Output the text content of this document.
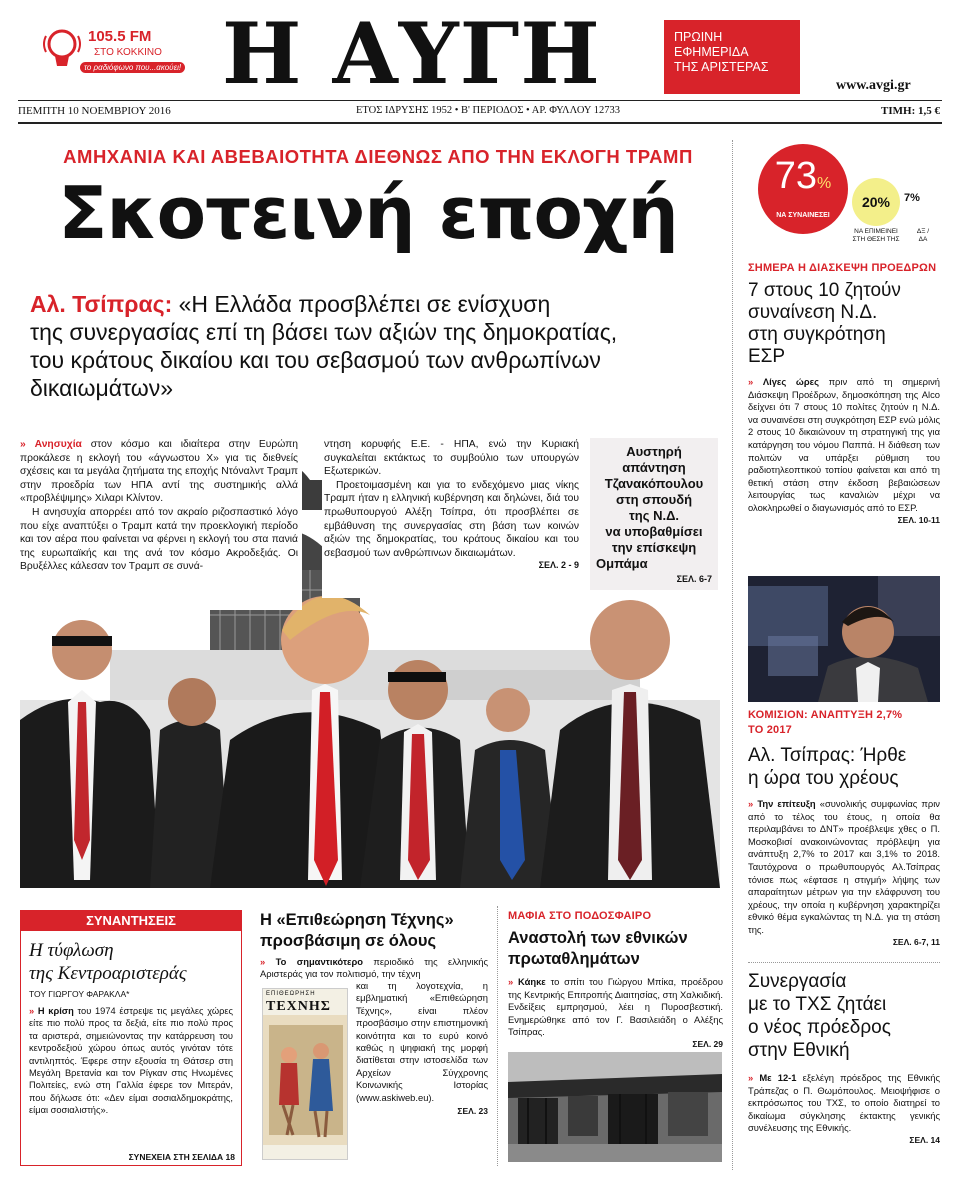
105.5 FM
ΣΤΟ ΚΟΚΚΙΝΟ
το ραδιόφωνο που...ακούει! Η ΑΥΓΗ	ΠΡΩΙΝΗ
ΕΦΗΜΕΡΙΔΑ
ΤΗΣ ΑΡΙΣΤΕΡΑΣ
www.avgi.gr
ΠΕΜΠΤΗ 10 ΝΟΕΜΒΡΙΟΥ 2016	ΕΤΟΣ ΙΔΡΥΣΗΣ 1952 • Β' ΠΕΡΙΟΔΟΣ • ΑΡ. ΦΥΛΛΟΥ 12733	ΤΙΜΗ: 1,5 €
ΑΜΗΧΑΝΙΑ ΚΑΙ ΑΒΕΒΑΙΟΤΗΤΑ ΔΙΕΘΝΩΣ ΑΠΟ ΤΗΝ ΕΚΛΟΓΗ ΤΡΑΜΠ
Σκοτεινή εποχή
Αλ. Τσίπρας: «Η Ελλάδα προσβλέπει σε ενίσχυση
της συνεργασίας επί τη βάσει των αξιών της δημοκρατίας,
του κράτους δικαίου και του σεβασμού των ανθρωπίνων
δικαιωμάτων»

» Ανησυχία στον κόσμο και ιδιαίτερα στην Ευρώπη προκάλεσε η εκλογή του «άγνωστου Χ» για τις διεθνείς σχέσεις και τα μεγάλα ζητήματα της εποχής Ντόναλντ Τραμπ στην προεδρία των ΗΠΑ αντί της συστημικής αλλά «προβλέψιμης» Χιλαρι Κλίντον.

Η ανησυχία απορρέει από τον ακραίο ριζοσπαστικό λόγο που είχε αναπτύξει ο Τραμπ κατά την προεκλογική περίοδο και τον αέρα που φαίνεται να φέρνει η εκλογή του στα πανιά της ευρωπαϊκής και της ανά τον κόσμο Ακροδεξιάς. Οι Βρυξέλλες κάλεσαν τον Τραμπ σε συνά-

ντηση κορυφής Ε.Ε. - ΗΠΑ, ενώ την Κυριακή συγκαλείται εκτάκτως το συμβούλιο των υπουργών Εξωτερικών.

Προετοιμασμένη και για το ενδεχόμενο μιας νίκης Τραμπ ήταν η ελληνική κυβέρνηση και δηλώνει, διά του πρωθυπουργού Αλέξη Τσίπρα, ότι προσβλέπει σε εμβάθυνση της συνεργασίας στη βάση των κοινών αξιών της δημοκρατίας, του κράτους δικαίου και του σεβασμού των ανθρώπινων δικαιωμάτων.

ΣΕΛ. 2 - 9
Αυστηρή
απάντηση
Τζανακόπουλου
στη σπουδή
της Ν.Δ.
να υποβαθμίσει
την επίσκεψη
Ομπάμα
ΣΕΛ. 6-7
73%
ΝΑ ΣΥΝΑΙΝΕΣΕΙ
20%	7%
ΝΑ ΕΠΙΜΕΙΝΕΙ
ΣΤΗ ΘΕΣΗ ΤΗΣ
ΔΞ /
ΔΑ
ΣΗΜΕΡΑ Η ΔΙΑΣΚΕΨΗ ΠΡΟΕΔΡΩΝ
7 στους 10 ζητούν
συναίνεση Ν.Δ.
στη συγκρότηση
ΕΣΡ

» Λίγες ώρες πριν από τη σημερινή Διάσκεψη Προέδρων, δημοσκόπηση της Alco δείχνει ότι 7 στους 10 πολίτες ζητούν η Ν.Δ. να συναινέσει στη συγκρότηση ΕΣΡ ενώ μόλις 2 στους 10 δικαιώνουν τη στρατηγική της για κατάργηση του νόμου Παππά. Η διάθεση των πολιτών να υπάρξει ρύθμιση του ραδιοτηλεοπτικού τοπίου φαίνεται και από τη θετική στάση στην έκδοση βεβαιώσεων λειτουργίας τως καναλιών μέχρι να ολοκληρωθεί ο διαγωνισμός από το ΕΣΡ.

ΣΕΛ. 10-11
ΚΟΜΙΣΙΟΝ: ΑΝΑΠΤΥΞΗ 2,7%
ΤΟ 2017
Αλ. Τσίπρας: Ήρθε
η ώρα του χρέους

» Την επίτευξη «συνολικής συμφωνίας πριν από το τέλος του έτους, η οποία θα περιλαμβάνει το ΔΝΤ» προέβλεψε χθες ο Π. Μοσκοβισί ανακοινώνοντας πρόβλεψη για ανάπτυξη 2,7% το 2017 και 3,1% το 2018. Ταυτόχρονα ο πρωθυπουργός Αλ.Τσίπρας τόνισε πως «έφτασε η στιγμή» λήψης των απαραίτητων μέτρων για την ελάφρυνση του χρέους, την οποία η κυβέρνηση χαρακτηρίζει εθνικό θέμα εγκαλώντας τη Ν.Δ. για τη στάση της.

ΣΕΛ. 6-7, 11
Συνεργασία
με το ΤΧΣ ζητάει
ο νέος πρόεδρος
στην Εθνική

» Με 12-1 εξελέγη πρόεδρος της Εθνικής Τράπεζας ο Π. Θωμόπουλος. Μειοψήφισε ο εκπρόσωπος του ΤΧΣ, το οποίο διατηρεί το δικαίωμα σύγκλησης έκτακτης γενικής συνέλευσης της Εθνικής.

ΣΕΛ. 14
ΣΥΝΑΝΤΗΣΕΙΣ
Η τύφλωση
της Κεντροαριστεράς
ΤΟΥ ΓΙΩΡΓΟΥ ΦΑΡΑΚΛΑ*

» Η κρίση του 1974 έστρεψε τις μεγάλες χώρες είτε πιο πολύ προς τα δεξιά, είτε πιο πολύ προς τα αριστερά, σημειώνοντας την κατάρρευση του κεντροδεξιού χώρου όπως αυτός γινόταν τότε αντιληπτός. Έφερε στην εξουσία τη Θάτσερ στη Μεγάλη Βρετανία και τον Ρίγκαν στις Ηνωμένες Πολιτείες, ενώ στη Γαλλία έφερε τον Μιτεράν, που δήλωσε ότι: «Δεν είμαι σοσιαλδημοκράτης, είμαι σοσιαλιστής».

ΣΥΝΕΧΕΙΑ ΣΤΗ ΣΕΛΙΔΑ 18
Η «Επιθεώρηση Τέχνης»
προσβάσιμη σε όλους

» Το σημαντικότερο περιοδικό της ελληνικής Αριστεράς για τον πολιτισμό, την τέχνη

ΕΠΙΘΕΩΡΗΣΗ
ΤΕΧΝΗΣ

και τη λογοτεχνία, η εμβληματική «Επιθεώρηση Τέχνης», είναι πλέον προσβάσιμο στην επιστημονική κοινότητα και το ευρύ κοινό καθώς η ψηφιακή της μορφή διατίθεται στην ιστοσελίδα των Αρχείων Σύγχρονης Κοινωνικής Ιστορίας (www.askiweb.eu).

ΣΕΛ. 23
ΜΑΦΙΑ ΣΤΟ ΠΟΔΟΣΦΑΙΡΟ
Αναστολή των εθνικών
πρωταθλημάτων

» Κάηκε το σπίτι του Γιώργου Μπίκα, προέδρου της Κεντρικής Επιτροπής Διαιτησίας, στη Χαλκιδική. Ενδείξεις εμπρησμού, λέει η Πυροσβεστική. Ενημερώθηκε από τον Γ. Βασιλειάδη ο Αλέξης Τσίπρας.

ΣΕΛ. 29
